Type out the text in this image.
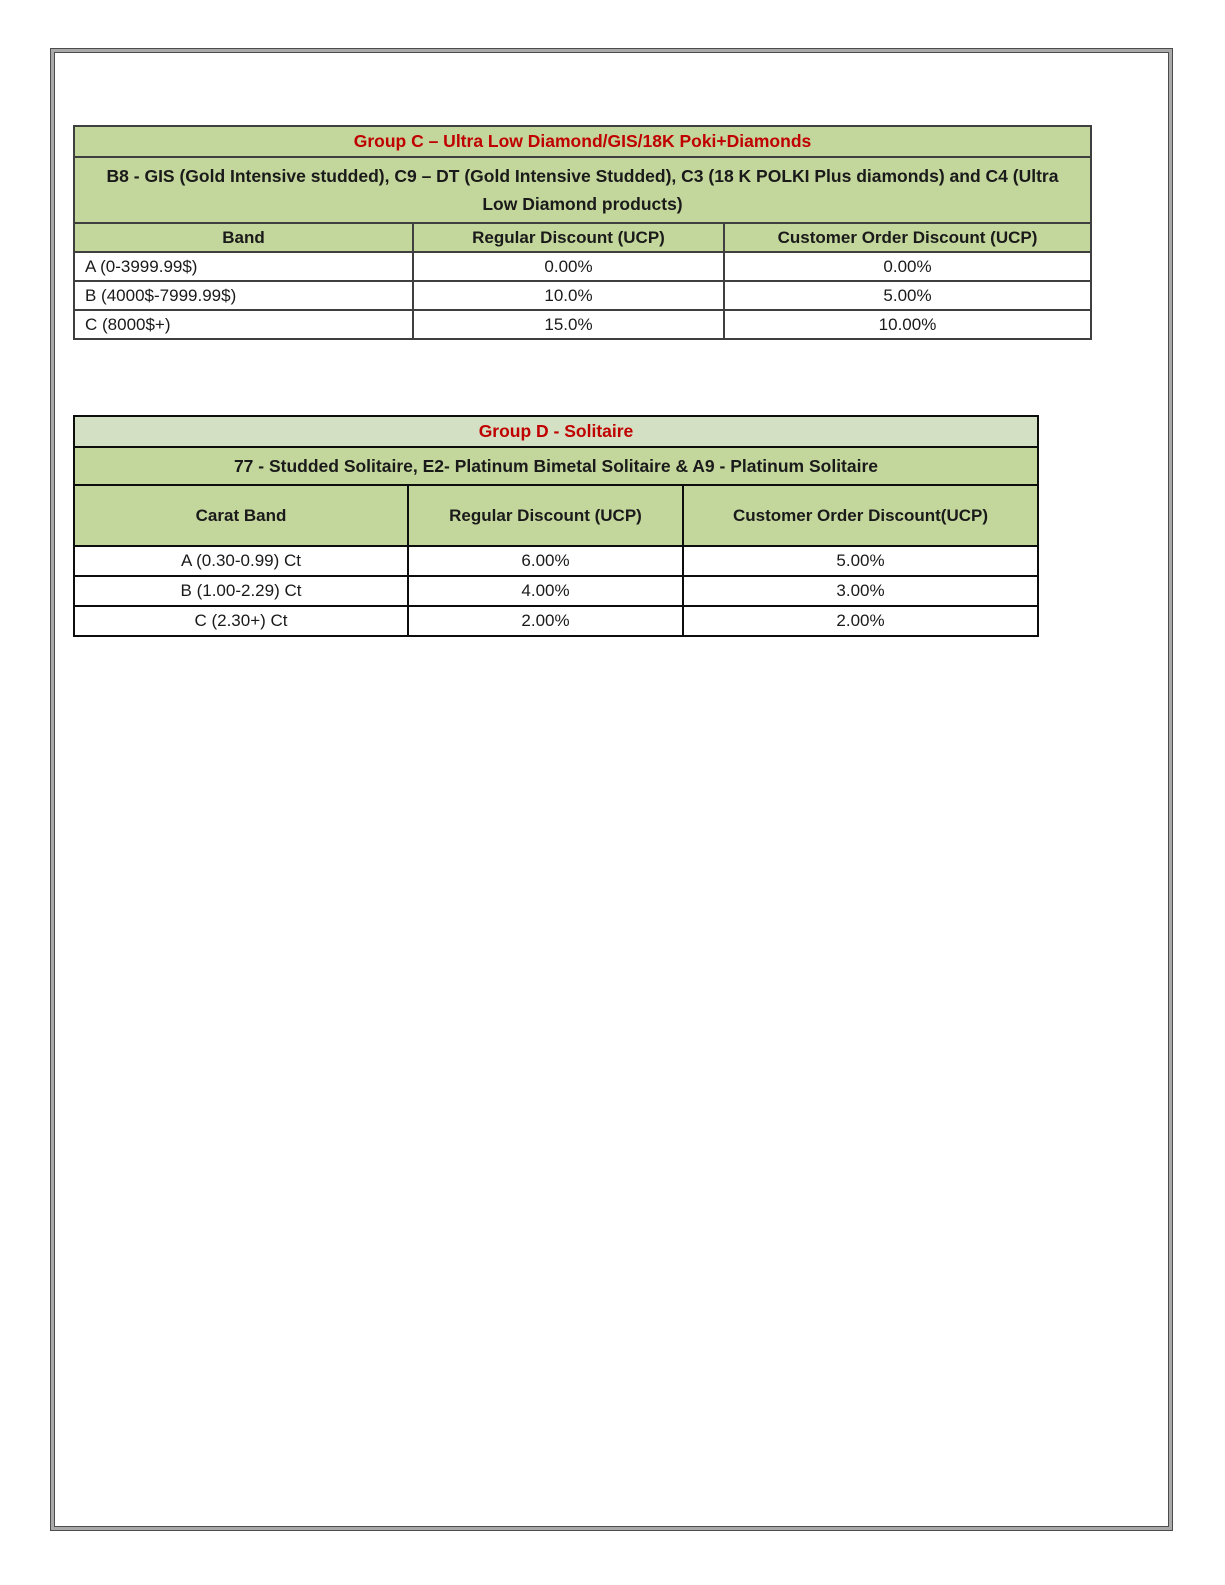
Group C – Ultra Low Diamond/GIS/18K Poki+Diamonds		
B8 - GIS (Gold Intensive studded), C9 – DT (Gold Intensive Studded), C3 (18 K POLKI Plus diamonds) and C4 (Ultra Low Diamond products)		
Band	Regular Discount (UCP)	Customer Order Discount (UCP)
A (0-3999.99$)	0.00%	0.00%
B (4000$-7999.99$)	10.0%	5.00%
C (8000$+)	15.0%	10.00%
Group D - Solitaire		
77 - Studded Solitaire, E2- Platinum Bimetal Solitaire & A9 - Platinum Solitaire		
Carat Band	Regular Discount (UCP)	Customer Order Discount(UCP)
A (0.30-0.99) Ct	6.00%	5.00%
B (1.00-2.29) Ct	4.00%	3.00%
C (2.30+) Ct	2.00%	2.00%
